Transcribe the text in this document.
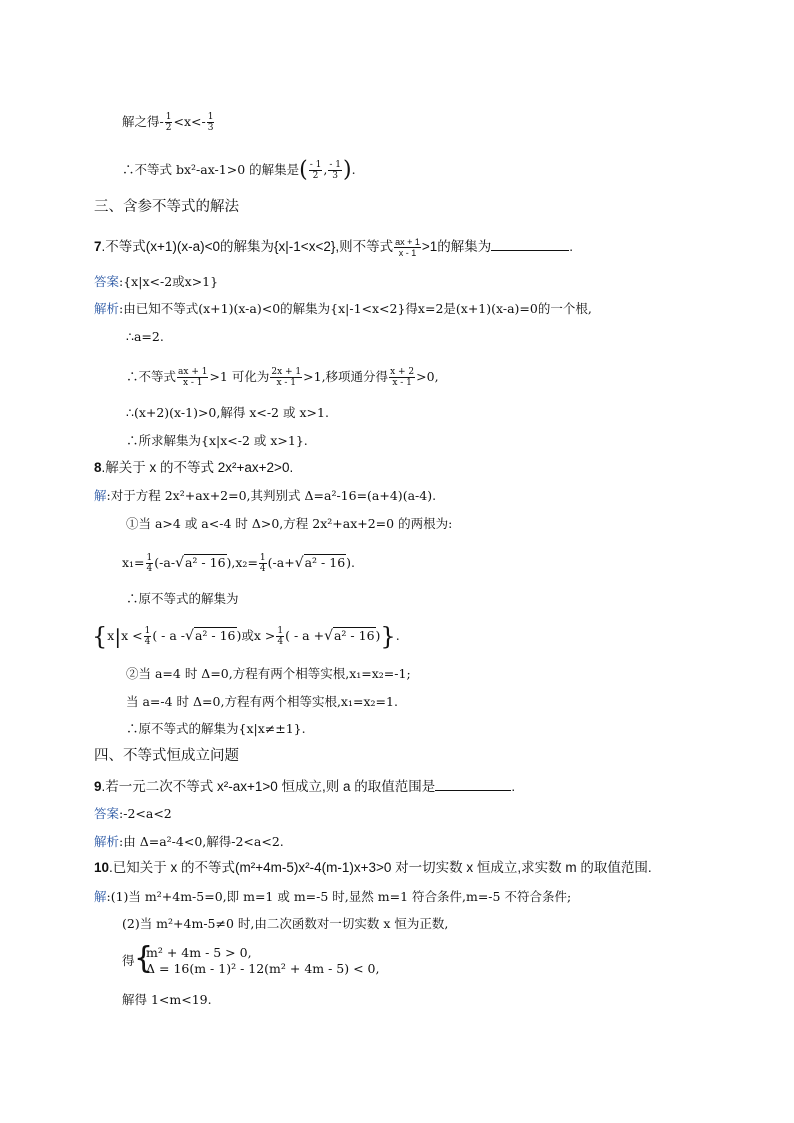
解之得- $\frac{1}{2} <x<- \frac{1}{3}$
∴不等式 bx²-ax-1>0 的解集是( $\frac{- 1}{2}$ , $\frac{- 1}{3}$ ).
三、含参不等式的解法
7.不等式(x+1)(x-a)<0的解集为{x|-1<x<2},则不等式 $\frac{ax + 1}{x - 1} >1$的解集为	.
答案:{x|x<-2或x>1}
解析:由已知不等式(x+1)(x-a)<0的解集为{x|-1<x<2}得x=2是(x+1)(x-a)=0的一个根,
∴a=2.
∴不等式 $\frac{ax + 1}{x - 1} >1$ 可化为 $\frac{2x + 1}{x - 1} >1$,移项通分得 $\frac{x + 2}{x - 1} >0$,
∴(x+2)(x-1)>0,解得 x<-2 或 x>1.
∴所求解集为{x|x<-2 或 x>1}.
8.解关于 x 的不等式 2x²+ax+2>0.
解:对于方程 2x²+ax+2=0,其判别式 Δ=a²-16=(a+4)(a-4).
①当 a>4 或 a<-4 时 Δ>0,方程 2x²+ax+2=0 的两根为:
$x_1= \frac{1}{4} (-a-√a^2 - 16),x_2= \frac{1}{4} (-a+√a^2 - 16)$.
∴原不等式的解集为
{$x|x < \frac{1}{4}$ ( - a -√a² - 16)或$x > \frac{1}{4}$ ( - a +√a² - 16)}.
②当 a=4 时 Δ=0,方程有两个相等实根,x₁=x₂=-1;
当 a=-4 时 Δ=0,方程有两个相等实根,x₁=x₂=1.
∴原不等式的解集为{x|x≠±1}.
四、不等式恒成立问题
9.若一元二次不等式 x²-ax+1>0 恒成立,则 a 的取值范围是	.
答案:-2<a<2
解析:由 Δ=a²-4<0,解得-2<a<2.
10.已知关于 x 的不等式(m²+4m-5)x²-4(m-1)x+3>0 对一切实数 x 恒成立,求实数 m 的取值范围.
解:(1)当 m²+4m-5=0,即 m=1 或 m=-5 时,显然 m=1 符合条件,m=-5 不符合条件;
(2)当 m²+4m-5≠0 时,由二次函数对一切实数 x 恒为正数,
得 {
m² + 4m - 5 > 0,
Δ = 16(m - 1)² - 12(m² + 4m - 5) < 0,
解得 1<m<19.
